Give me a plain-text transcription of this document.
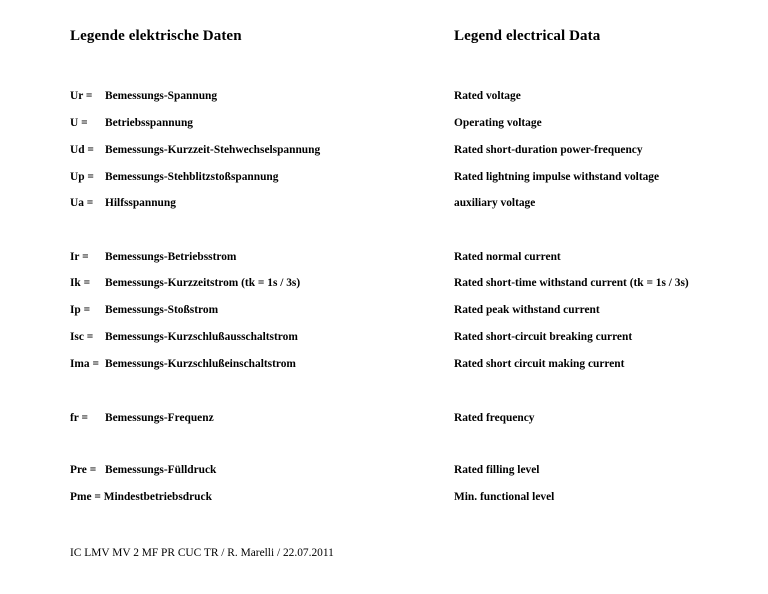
Legende elektrische Daten	Legend electrical Data
Ur = Bemessungs-Spannung	Rated voltage
U = Betriebsspannung	Operating voltage
Ud = Bemessungs-Kurzzeit-Stehwechselspannung	Rated short-duration power-frequency
Up = Bemessungs-Stehblitzstoßspannung	Rated lightning impulse withstand voltage
Ua = Hilfsspannung	auxiliary voltage
Ir = Bemessungs-Betriebsstrom	Rated normal current
Ik = Bemessungs-Kurzzeitstrom (tk = 1s / 3s)	Rated short-time withstand current (tk = 1s / 3s)
Ip = Bemessungs-Stoßstrom	Rated peak withstand current
Isc = Bemessungs-Kurzschlußausschaltstrom	Rated short-circuit breaking current
Ima = Bemessungs-Kurzschlußeinschaltstrom	Rated short circuit making current
fr = Bemessungs-Frequenz	Rated frequency
Pre = Bemessungs-Fülldruck	Rated filling level
Pme = Mindestbetriebsdruck	Min. functional level
IC LMV MV 2 MF PR CUC TR / R. Marelli / 22.07.2011
